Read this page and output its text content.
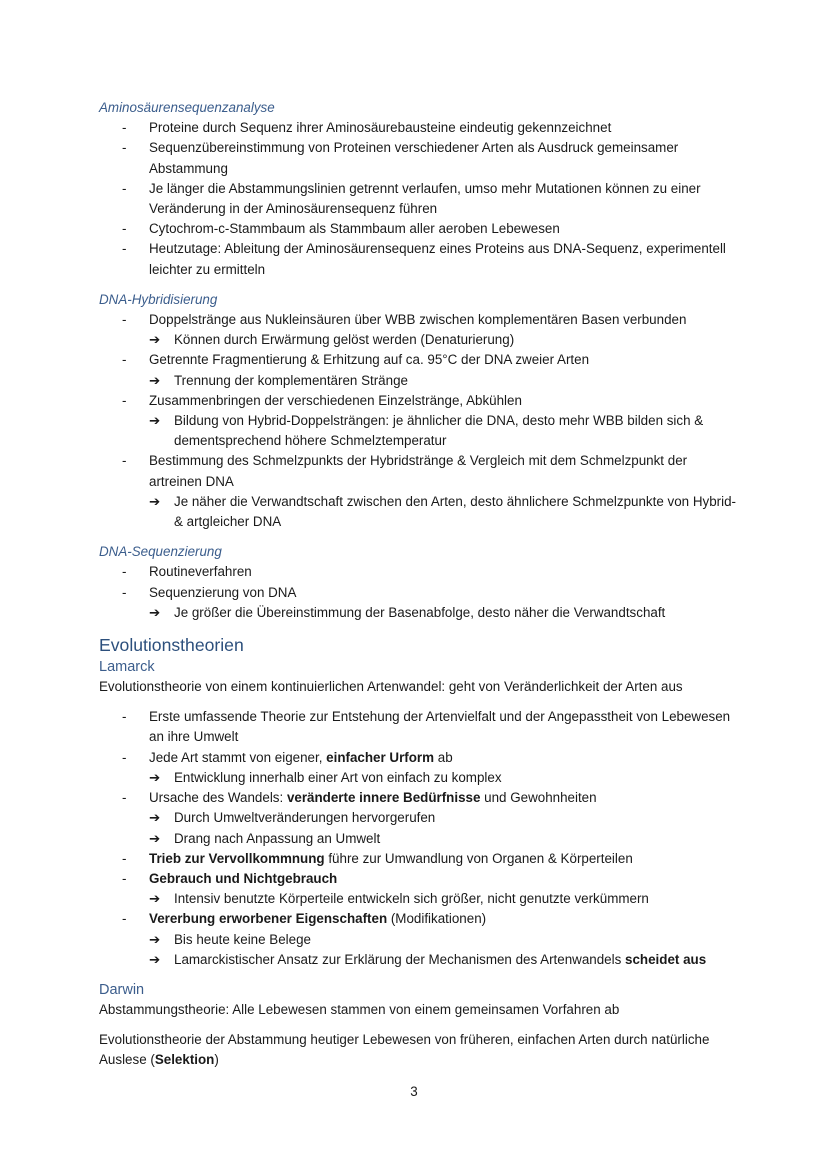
Aminosäurensequenzanalyse

- Proteine durch Sequenz ihrer Aminosäurebausteine eindeutig gekennzeichnet
- Sequenzübereinstimmung von Proteinen verschiedener Arten als Ausdruck gemeinsamer Abstammung
- Je länger die Abstammungslinien getrennt verlaufen, umso mehr Mutationen können zu einer Veränderung in der Aminosäurensequenz führen
- Cytochrom-c-Stammbaum als Stammbaum aller aeroben Lebewesen
- Heutzutage: Ableitung der Aminosäurensequenz eines Proteins aus DNA-Sequenz, experimentell leichter zu ermitteln

DNA-Hybridisierung

- Doppelstränge aus Nukleinsäuren über WBB zwischen komplementären Basen verbunden
➔ Können durch Erwärmung gelöst werden (Denaturierung)
- Getrennte Fragmentierung & Erhitzung auf ca. 95°C der DNA zweier Arten
➔ Trennung der komplementären Stränge
- Zusammenbringen der verschiedenen Einzelstränge, Abkühlen
➔ Bildung von Hybrid-Doppelsträngen: je ähnlicher die DNA, desto mehr WBB bilden sich & dementsprechend höhere Schmelztemperatur
- Bestimmung des Schmelzpunkts der Hybridstränge & Vergleich mit dem Schmelzpunkt der artreinen DNA
➔ Je näher die Verwandtschaft zwischen den Arten, desto ähnlichere Schmelzpunkte von Hybrid- & artgleicher DNA

DNA-Sequenzierung

- Routineverfahren
- Sequenzierung von DNA
➔ Je größer die Übereinstimmung der Basenabfolge, desto näher die Verwandtschaft

Evolutionstheorien

Lamarck

Evolutionstheorie von einem kontinuierlichen Artenwandel: geht von Veränderlichkeit der Arten aus

- Erste umfassende Theorie zur Entstehung der Artenvielfalt und der Angepasstheit von Lebewesen an ihre Umwelt
- Jede Art stammt von eigener, einfacher Urform ab
➔ Entwicklung innerhalb einer Art von einfach zu komplex
- Ursache des Wandels: veränderte innere Bedürfnisse und Gewohnheiten
➔ Durch Umweltveränderungen hervorgerufen
➔ Drang nach Anpassung an Umwelt
- Trieb zur Vervollkommnung führe zur Umwandlung von Organen & Körperteilen
- Gebrauch und Nichtgebrauch
➔ Intensiv benutzte Körperteile entwickeln sich größer, nicht genutzte verkümmern
- Vererbung erworbener Eigenschaften (Modifikationen)
➔ Bis heute keine Belege
➔ Lamarckistischer Ansatz zur Erklärung der Mechanismen des Artenwandels scheidet aus

Darwin

Abstammungstheorie: Alle Lebewesen stammen von einem gemeinsamen Vorfahren ab

Evolutionstheorie der Abstammung heutiger Lebewesen von früheren, einfachen Arten durch natürliche Auslese (Selektion)

3
